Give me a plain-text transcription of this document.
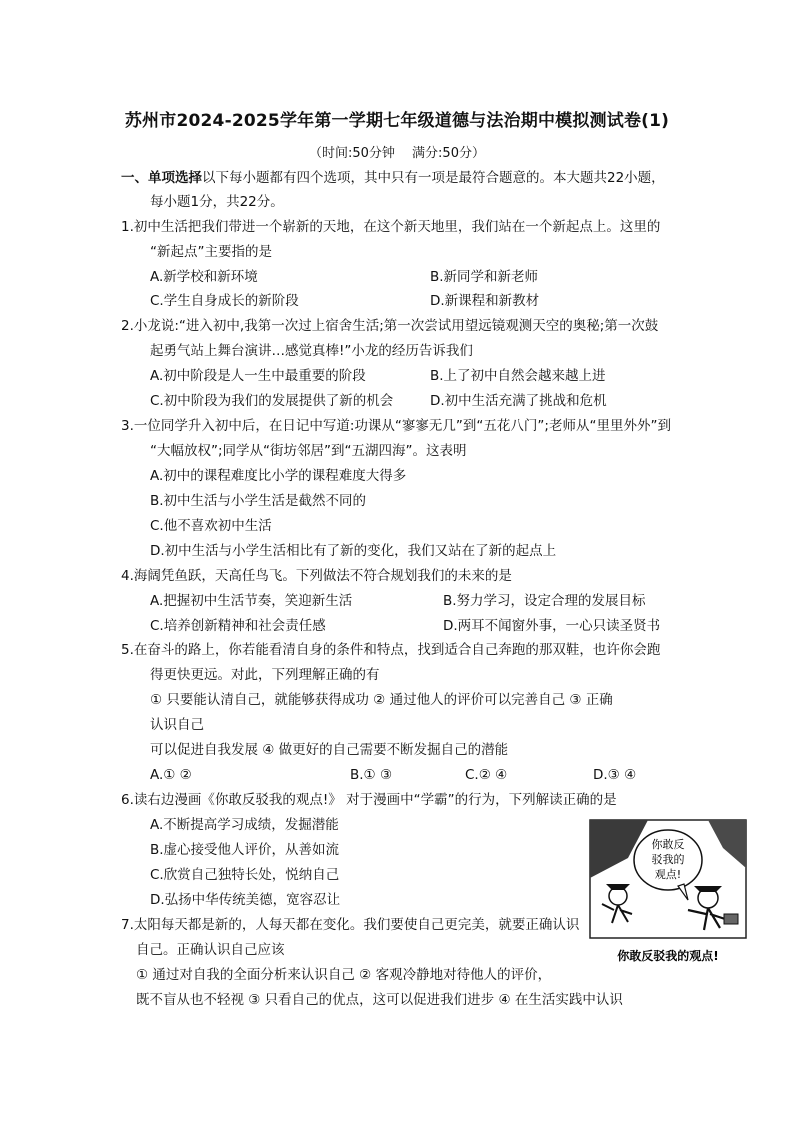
苏州市2024-2025学年第一学期七年级道德与法治期中模拟测试卷(1)
（时间:50分钟　 满分:50分）
一、单项选择以下每小题都有四个选项，其中只有一项是最符合题意的。本大题共22小题，
每小题1分，共22分。
1.初中生活把我们带进一个崭新的天地，在这个新天地里，我们站在一个新起点上。这里的
“新起点”主要指的是
A.新学校和新环境	B.新同学和新老师
C.学生自身成长的新阶段	D.新课程和新教材
2.小龙说:“进入初中,我第一次过上宿舍生活;第一次尝试用望远镜观测天空的奥秘;第一次鼓
起勇气站上舞台演讲…感觉真棒!”小龙的经历告诉我们
A.初中阶段是人一生中最重要的阶段	B.上了初中自然会越来越上进
C.初中阶段为我们的发展提供了新的机会	D.初中生活充满了挑战和危机
3.一位同学升入初中后，在日记中写道:功课从“寥寥无几”到“五花八门”;老师从“里里外外”到
“大幅放权”;同学从“街坊邻居”到“五湖四海”。这表明
A.初中的课程难度比小学的课程难度大得多
B.初中生活与小学生活是截然不同的
C.他不喜欢初中生活
D.初中生活与小学生活相比有了新的变化，我们又站在了新的起点上
4.海阔凭鱼跃，天高任鸟飞。下列做法不符合规划我们的未来的是
A.把握初中生活节奏，笑迎新生活	B.努力学习，设定合理的发展目标
C.培养创新精神和社会责任感	D.两耳不闻窗外事，一心只读圣贤书
5.在奋斗的路上，你若能看清自身的条件和特点，找到适合自己奔跑的那双鞋，也许你会跑
得更快更远。对此，下列理解正确的有
① 只要能认清自己，就能够获得成功 ② 通过他人的评价可以完善自己 ③ 正确
认识自己
可以促进自我发展 ④ 做更好的自己需要不断发掘自己的潜能
A.① ②	B.① ③	C.② ④	D.③ ④
6.读右边漫画《你敢反驳我的观点!》 对于漫画中“学霸”的行为，下列解读正确的是
A.不断提高学习成绩，发掘潜能
B.虚心接受他人评价，从善如流
C.欣赏自己独特长处，悦纳自己
D.弘扬中华传统美德，宽容忍让
你敢反
驳我的
观点!
你敢反驳我的观点!
7.太阳每天都是新的，人每天都在变化。我们要使自己更完美，就要正确认识
自己。正确认识自己应该
① 通过对自我的全面分析来认识自己 ② 客观冷静地对待他人的评价，
既不盲从也不轻视 ③ 只看自己的优点，这可以促进我们进步 ④ 在生活实践中认识
